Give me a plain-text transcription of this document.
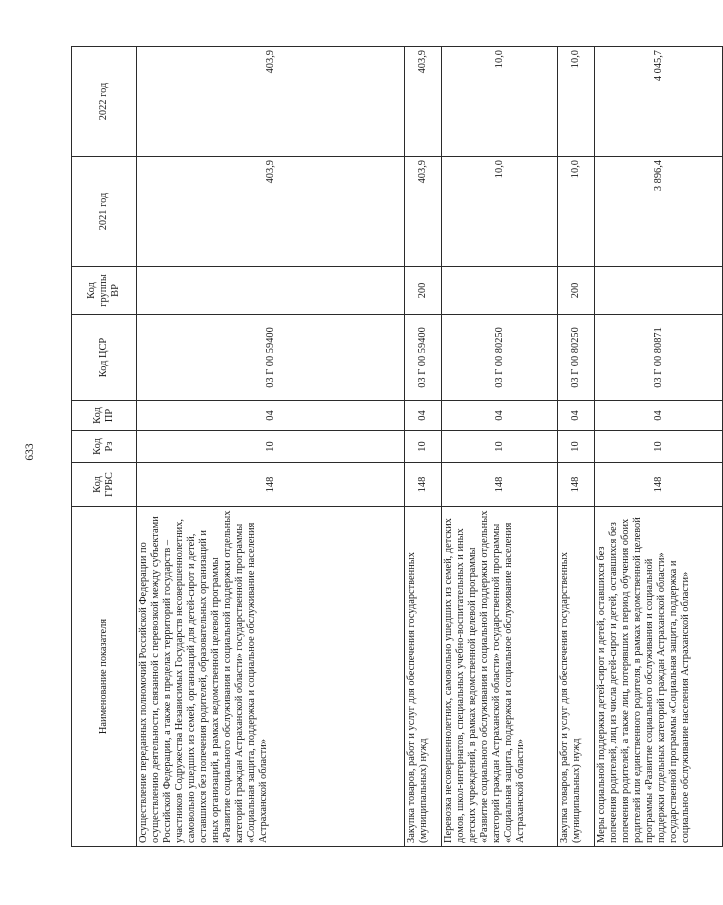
633
Наименование показателя	Код ГРБС	Код Рз	Код ПР	Код ЦСР	Код группы ВР	2021 год	2022 год
Осуществление переданных полномочий Российской Федерации по осуществлению деятельности, связанной с перевозкой между субъектами Российской Федерации, а также в пределах территорий государств – участников Содружества Независимых Государств несовершеннолетних, самовольно ушедших из семей, организаций для детей-сирот и детей, оставшихся без попечения родителей, образовательных организаций и иных организаций, в рамках ведомственной целевой программы «Развитие социального обслуживания и социальной поддержки отдельных категорий граждан Астраханской области» государственной программы «Социальная защита, поддержка и социальное обслуживание населения Астраханской области»	148	10	04	03 Г 00 59400		403,9	403,9
Закупка товаров, работ и услуг для обеспечения государственных (муниципальных) нужд	148	10	04	03 Г 00 59400	200	403,9	403,9
Перевозка несовершеннолетних, самовольно ушедших из семей, детских домов, школ-интернатов, специальных учебно-воспитательных и иных детских учреждений, в рамках ведомственной целевой программы «Развитие социального обслуживания и социальной поддержки отдельных категорий граждан Астраханской области» государственной программы «Социальная защита, поддержка и социальное обслуживание населения Астраханской области»	148	10	04	03 Г 00 80250		10,0	10,0
Закупка товаров, работ и услуг для обеспечения государственных (муниципальных) нужд	148	10	04	03 Г 00 80250	200	10,0	10,0
Меры социальной поддержки детей-сирот и детей, оставшихся без попечения родителей, лиц из числа детей-сирот и детей, оставшихся без попечения родителей, а также лиц, потерявших в период обучения обоих родителей или единственного родителя, в рамках ведомственной целевой программы «Развитие социального обслуживания и социальной поддержки отдельных категорий граждан Астраханской области» государственной программы «Социальная защита, поддержка и социальное обслуживание населения Астраханской области»	148	10	04	03 Г 00 80871		3 896,4	4 045,7
